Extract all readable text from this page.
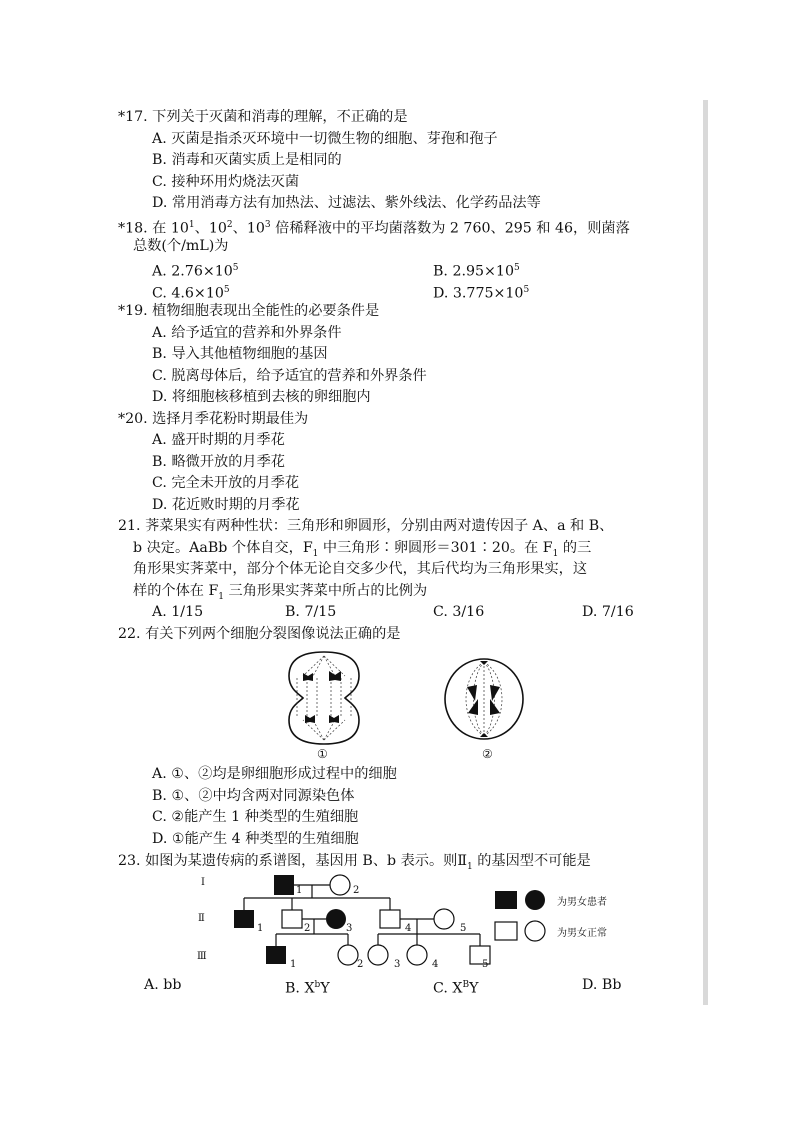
*17. 下列关于灭菌和消毒的理解，不正确的是
A. 灭菌是指杀灭环境中一切微生物的细胞、芽孢和孢子
B. 消毒和灭菌实质上是相同的
C. 接种环用灼烧法灭菌
D. 常用消毒方法有加热法、过滤法、紫外线法、化学药品法等
*18. 在 $10^1$、$10^2$、$10^3$ 倍稀释液中的平均菌落数为 2 760、295 和 46，则菌落
总数(个/mL)为
A. $2.76\times 10^5$	B. $2.95\times 10^5$
C. $4.6\times 10^5$	D. $3.775\times 10^5$
*19. 植物细胞表现出全能性的必要条件是
A. 给予适宜的营养和外界条件
B. 导入其他植物细胞的基因
C. 脱离母体后，给予适宜的营养和外界条件
D. 将细胞核移植到去核的卵细胞内
*20. 选择月季花粉时期最佳为
A. 盛开时期的月季花
B. 略微开放的月季花
C. 完全未开放的月季花
D. 花近败时期的月季花
21. 荠菜果实有两种性状：三角形和卵圆形，分别由两对遗传因子 A、a 和 B、
b 决定。AaBb 个体自交，$F_1$ 中三角形∶卵圆形＝301∶20。在 $F_1$ 的三
角形果实荠菜中，部分个体无论自交多少代，其后代均为三角形果实，这
样的个体在 $F_1$ 三角形果实荠菜中所占的比例为
A. 1/15	B. 7/15	C. 3/16	D. 7/16
22. 有关下列两个细胞分裂图像说法正确的是
①	②
A. ①、②均是卵细胞形成过程中的细胞
B. ①、②中均含两对同源染色体
C. ②能产生 1 种类型的生殖细胞
D. ①能产生 4 种类型的生殖细胞
23. 如图为某遗传病的系谱图，基因用 B、b 表示。则$Ⅱ_1$ 的基因型不可能是
Ⅰ
Ⅱ
Ⅲ
1	2
1	2	3	4	5
1	2	3	4	5
为男女患者
为男女正常
A. bb	B. $X^bY$	C. $X^BY$	D. Bb
